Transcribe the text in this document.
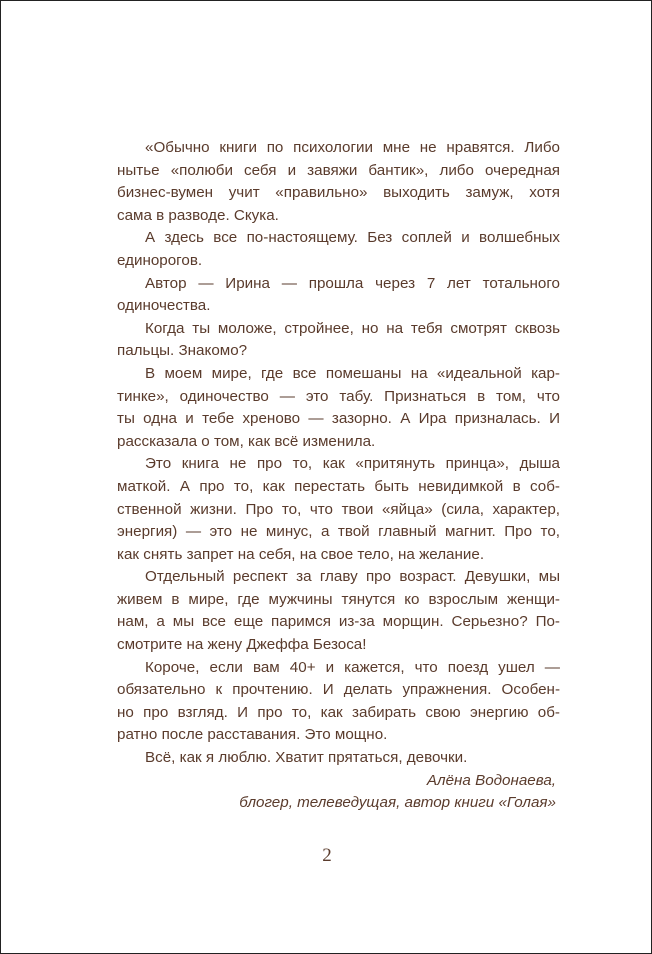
«Обычно книги по психологии мне не нравятся. Либо
нытье «полюби себя и завяжи бантик», либо очередная
бизнес-вумен учит «правильно» выходить замуж, хотя
сама в разводе. Скука.
А здесь все по-настоящему. Без соплей и волшебных
единорогов.
Автор — Ирина — прошла через 7 лет тотального
одиночества.
Когда ты моложе, стройнее, но на тебя смотрят сквозь
пальцы. Знакомо?
В моем мире, где все помешаны на «идеальной кар-
тинке», одиночество — это табу. Признаться в том, что
ты одна и тебе хреново — зазорно. А Ира призналась. И
рассказала о том, как всё изменила.
Это книга не про то, как «притянуть принца», дыша
маткой. А про то, как перестать быть невидимкой в соб-
ственной жизни. Про то, что твои «яйца» (сила, характер,
энергия) — это не минус, а твой главный магнит. Про то,
как снять запрет на себя, на свое тело, на желание.
Отдельный респект за главу про возраст. Девушки, мы
живем в мире, где мужчины тянутся ко взрослым женщи-
нам, а мы все еще паримся из-за морщин. Серьезно? По-
смотрите на жену Джеффа Безоса!
Короче, если вам 40+ и кажется, что поезд ушел —
обязательно к прочтению. И делать упражнения. Особен-
но про взгляд. И про то, как забирать свою энергию об-
ратно после расставания. Это мощно.
Всё, как я люблю. Хватит прятаться, девочки.
Алёна Водонаева,
блогер, телеведущая, автор книги «Голая»
2
